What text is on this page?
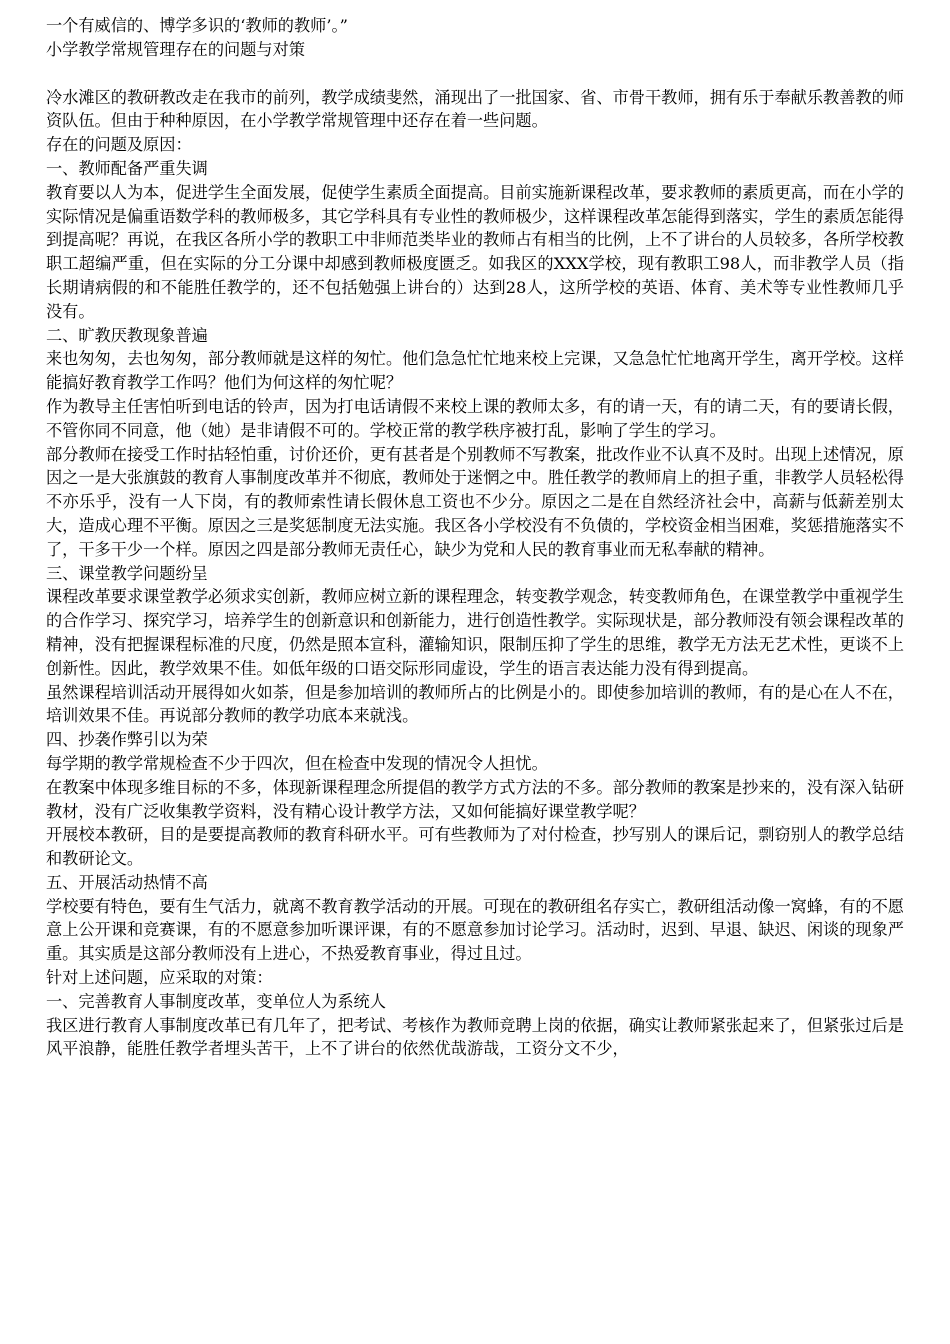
一个有威信的、博学多识的‘教师的教师’。”

小学教学常规管理存在的问题与对策

冷水滩区的教研教改走在我市的前列，教学成绩斐然，涌现出了一批国家、省、市骨干教师，拥有乐于奉献乐教善教的师资队伍。但由于种种原因，在小学教学常规管理中还存在着一些问题。

存在的问题及原因：

一、教师配备严重失调

教育要以人为本，促进学生全面发展，促使学生素质全面提高。目前实施新课程改革，要求教师的素质更高，而在小学的实际情况是偏重语数学科的教师极多，其它学科具有专业性的教师极少，这样课程改革怎能得到落实，学生的素质怎能得到提高呢？再说，在我区各所小学的教职工中非师范类毕业的教师占有相当的比例，上不了讲台的人员较多，各所学校教职工超编严重，但在实际的分工分课中却感到教师极度匮乏。如我区的XXX学校，现有教职工98人，而非教学人员（指长期请病假的和不能胜任教学的，还不包括勉强上讲台的）达到28人，这所学校的英语、体育、美术等专业性教师几乎没有。

二、旷教厌教现象普遍

来也匆匆，去也匆匆，部分教师就是这样的匆忙。他们急急忙忙地来校上完课，又急急忙忙地离开学生，离开学校。这样能搞好教育教学工作吗？他们为何这样的匆忙呢？

作为教导主任害怕听到电话的铃声，因为打电话请假不来校上课的教师太多，有的请一天，有的请二天，有的要请长假，不管你同不同意，他（她）是非请假不可的。学校正常的教学秩序被打乱，影响了学生的学习。

部分教师在接受工作时拈轻怕重，讨价还价，更有甚者是个别教师不写教案，批改作业不认真不及时。出现上述情况，原因之一是大张旗鼓的教育人事制度改革并不彻底，教师处于迷惘之中。胜任教学的教师肩上的担子重，非教学人员轻松得不亦乐乎，没有一人下岗，有的教师索性请长假休息工资也不少分。原因之二是在自然经济社会中，高薪与低薪差别太大，造成心理不平衡。原因之三是奖惩制度无法实施。我区各小学校没有不负债的，学校资金相当困难，奖惩措施落实不了，干多干少一个样。原因之四是部分教师无责任心，缺少为党和人民的教育事业而无私奉献的精神。

三、课堂教学问题纷呈

课程改革要求课堂教学必须求实创新，教师应树立新的课程理念，转变教学观念，转变教师角色，在课堂教学中重视学生的合作学习、探究学习，培养学生的创新意识和创新能力，进行创造性教学。实际现状是，部分教师没有领会课程改革的精神，没有把握课程标准的尺度，仍然是照本宣科，灌输知识，限制压抑了学生的思维，教学无方法无艺术性，更谈不上创新性。因此，教学效果不佳。如低年级的口语交际形同虚设，学生的语言表达能力没有得到提高。

虽然课程培训活动开展得如火如荼，但是参加培训的教师所占的比例是小的。即使参加培训的教师，有的是心在人不在，培训效果不佳。再说部分教师的教学功底本来就浅。

四、抄袭作弊引以为荣

每学期的教学常规检查不少于四次，但在检查中发现的情况令人担忧。

在教案中体现多维目标的不多，体现新课程理念所提倡的教学方式方法的不多。部分教师的教案是抄来的，没有深入钻研教材，没有广泛收集教学资料，没有精心设计教学方法，又如何能搞好课堂教学呢？

开展校本教研，目的是要提高教师的教育科研水平。可有些教师为了对付检查，抄写别人的课后记，剽窃别人的教学总结和教研论文。

五、开展活动热情不高

学校要有特色，要有生气活力，就离不教育教学活动的开展。可现在的教研组名存实亡，教研组活动像一窝蜂，有的不愿意上公开课和竞赛课，有的不愿意参加听课评课，有的不愿意参加讨论学习。活动时，迟到、早退、缺迟、闲谈的现象严重。其实质是这部分教师没有上进心，不热爱教育事业，得过且过。

针对上述问题，应采取的对策：

一、完善教育人事制度改革，变单位人为系统人

我区进行教育人事制度改革已有几年了，把考试、考核作为教师竞聘上岗的依据，确实让教师紧张起来了，但紧张过后是风平浪静，能胜任教学者埋头苦干，上不了讲台的依然优哉游哉，工资分文不少，
